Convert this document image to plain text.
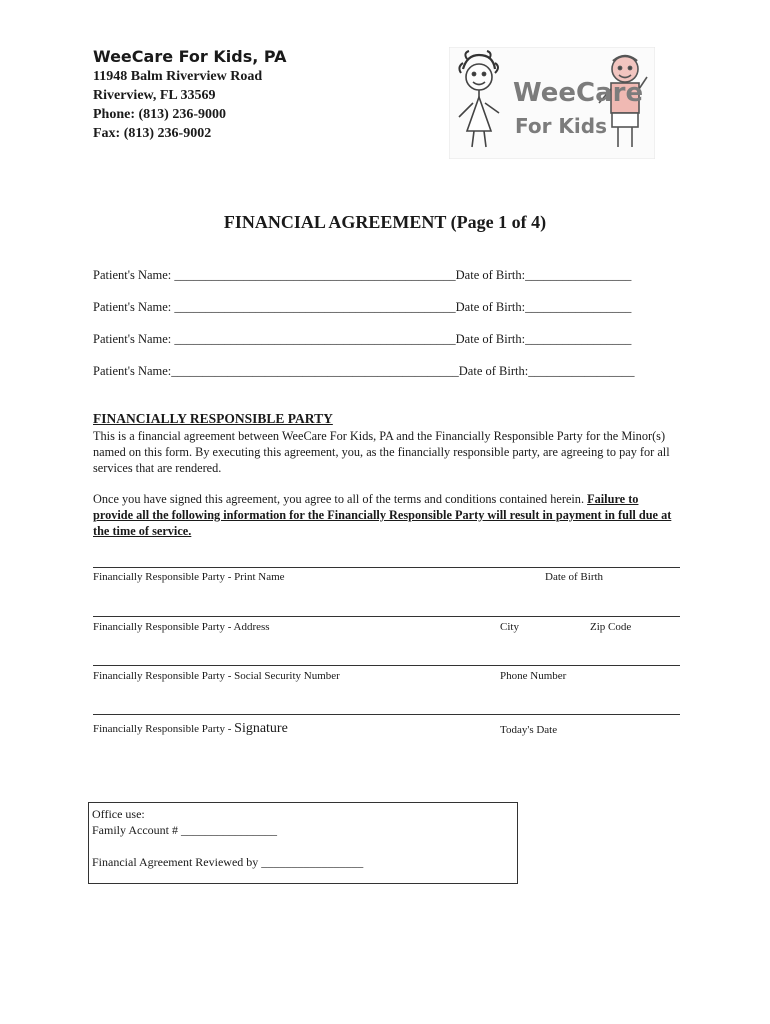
WeeCare For Kids, PA
11948 Balm Riverview Road
Riverview, FL 33569
Phone: (813) 236-9000
Fax: (813) 236-9002
WeeCare
For Kids
FINANCIAL AGREEMENT (Page 1 of 4)
Patient's Name: _____________________________________________Date of Birth:_________________
Patient's Name: _____________________________________________Date of Birth:_________________
Patient's Name: _____________________________________________Date of Birth:_________________
Patient's Name:______________________________________________Date of Birth:_________________
FINANCIALLY RESPONSIBLE PARTY
This is a financial agreement between WeeCare For Kids, PA and the Financially Responsible Party for the Minor(s) named on this form. By executing this agreement, you, as the financially responsible party, are agreeing to pay for all services that are rendered.
Once you have signed this agreement, you agree to all of the terms and conditions contained herein. Failure to provide all the following information for the Financially Responsible Party will result in payment in full due at the time of service.
Financially Responsible Party - Print Name	Date of Birth
Financially Responsible Party - Address	City	Zip Code
Financially Responsible Party - Social Security Number	Phone Number
Financially Responsible Party - Signature	Today's Date
Office use:
Family Account # ________________
Financial Agreement Reviewed by _________________
